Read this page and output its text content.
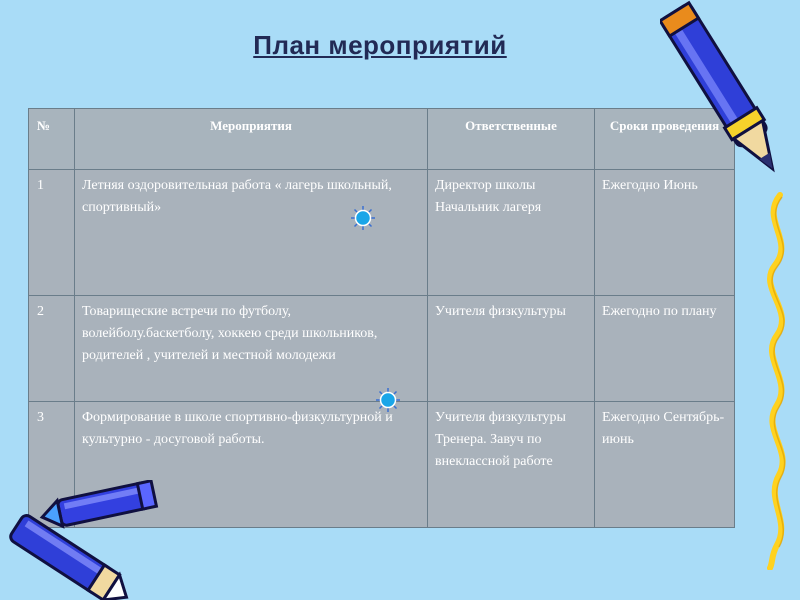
План мероприятий
№	Мероприятия	Ответственные	Сроки проведения
1	Летняя оздоровительная работа « лагерь школьный, спортивный»	Директор школы Начальник лагеря	Ежегодно Июнь
2	Товарищеские встречи по футболу, волейболу.баскетболу, хоккею среди школьников, родителей , учителей и местной молодежи	Учителя физкультуры	Ежегодно по плану
3	Формирование в школе спортивно-физкультурной и культурно - досуговой работы.	Учителя физкультуры Тренера. Завуч по внеклассной работе	Ежегодно Сентябрь-июнь
